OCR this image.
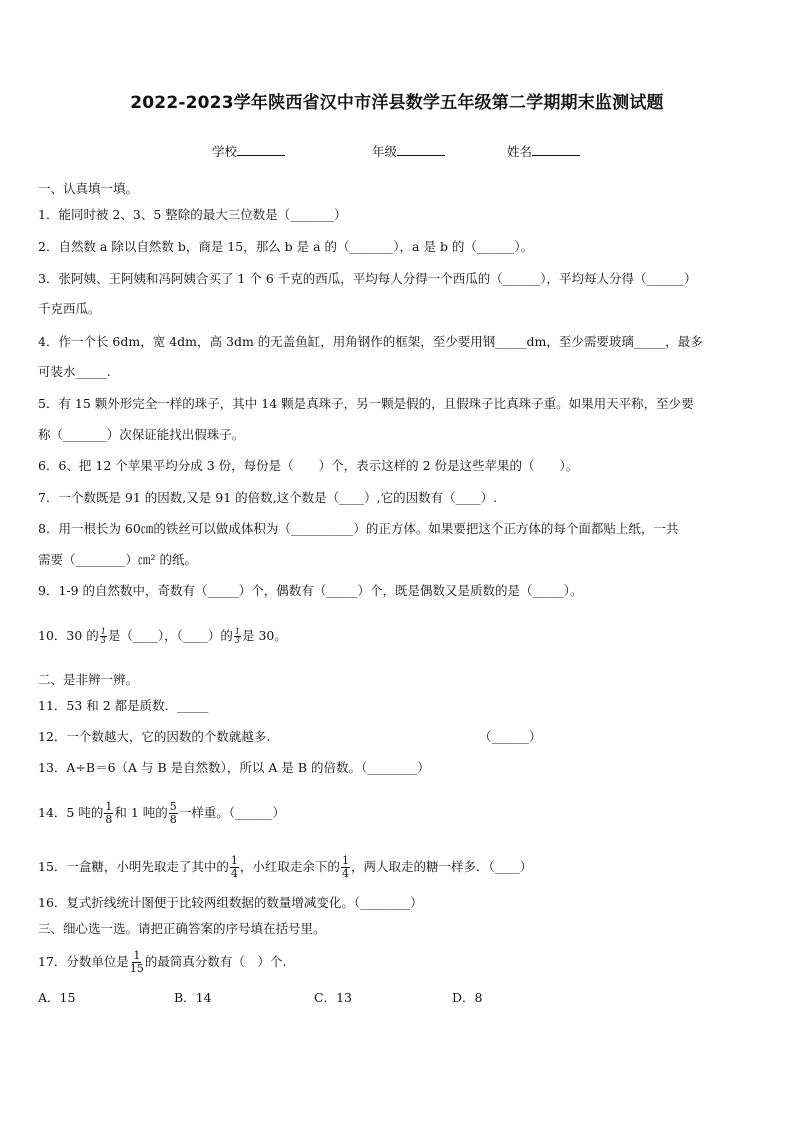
2022-2023学年陕西省汉中市洋县数学五年级第二学期期末监测试题
学校	年级	姓名
一、认真填一填。
1．能同时被 2、3、5 整除的最大三位数是（_______）
2．自然数 a 除以自然数 b，商是 15，那么 b 是 a 的（_______），a 是 b 的（______）。
3．张阿姨、王阿姨和冯阿姨合买了 1 个 6 千克的西瓜，平均每人分得一个西瓜的（______），平均每人分得（______）
千克西瓜。
4．作一个长 6dm，宽 4dm，高 3dm 的无盖鱼缸，用角钢作的框架，至少要用钢_____dm，至少需要玻璃_____，最多
可装水_____.
5．有 15 颗外形完全一样的珠子，其中 14 颗是真珠子，另一颗是假的，且假珠子比真珠子重。如果用天平称，至少要
称（_______）次保证能找出假珠子。
6．6、把 12 个苹果平均分成 3 份，每份是（　　）个，表示这样的 2 份是这些苹果的（　　）。
7．一个数既是 91 的因数,又是 91 的倍数,这个数是（____）,它的因数有（____）.
8．用一根长为 60㎝的铁丝可以做成体积为（__________）的正方体。如果要把这个正方体的每个面都贴上纸，一共
需要（________）㎝² 的纸。
9．1-9 的自然数中，奇数有（_____）个，偶数有（_____）个，既是偶数又是质数的是（_____）。
10．30 的 $\frac{1}{3}$ 是（____），（____）的 $\frac{1}{3}$ 是 30。
二、是非辨一辨。
11．53 和 2 都是质数．_____
12．一个数越大，它的因数的个数就越多.	（______）
13．A÷B＝6（A 与 B 是自然数），所以 A 是 B 的倍数。（________）
14．5 吨的 $\frac{1}{8}$ 和 1 吨的 $\frac{5}{8}$ 一样重。（______）
15．一盒糖，小明先取走了其中的 $\frac{1}{4}$ ，小红取走余下的 $\frac{1}{4}$ ，两人取走的糖一样多．（____）
16．复式折线统计图便于比较两组数据的数量增减变化。（________）
三、细心选一选。请把正确答案的序号填在括号里。
17．分数单位是 $\frac{1}{15}$ 的最简真分数有（　）个.
A．15	B．14	C．13	D．8
